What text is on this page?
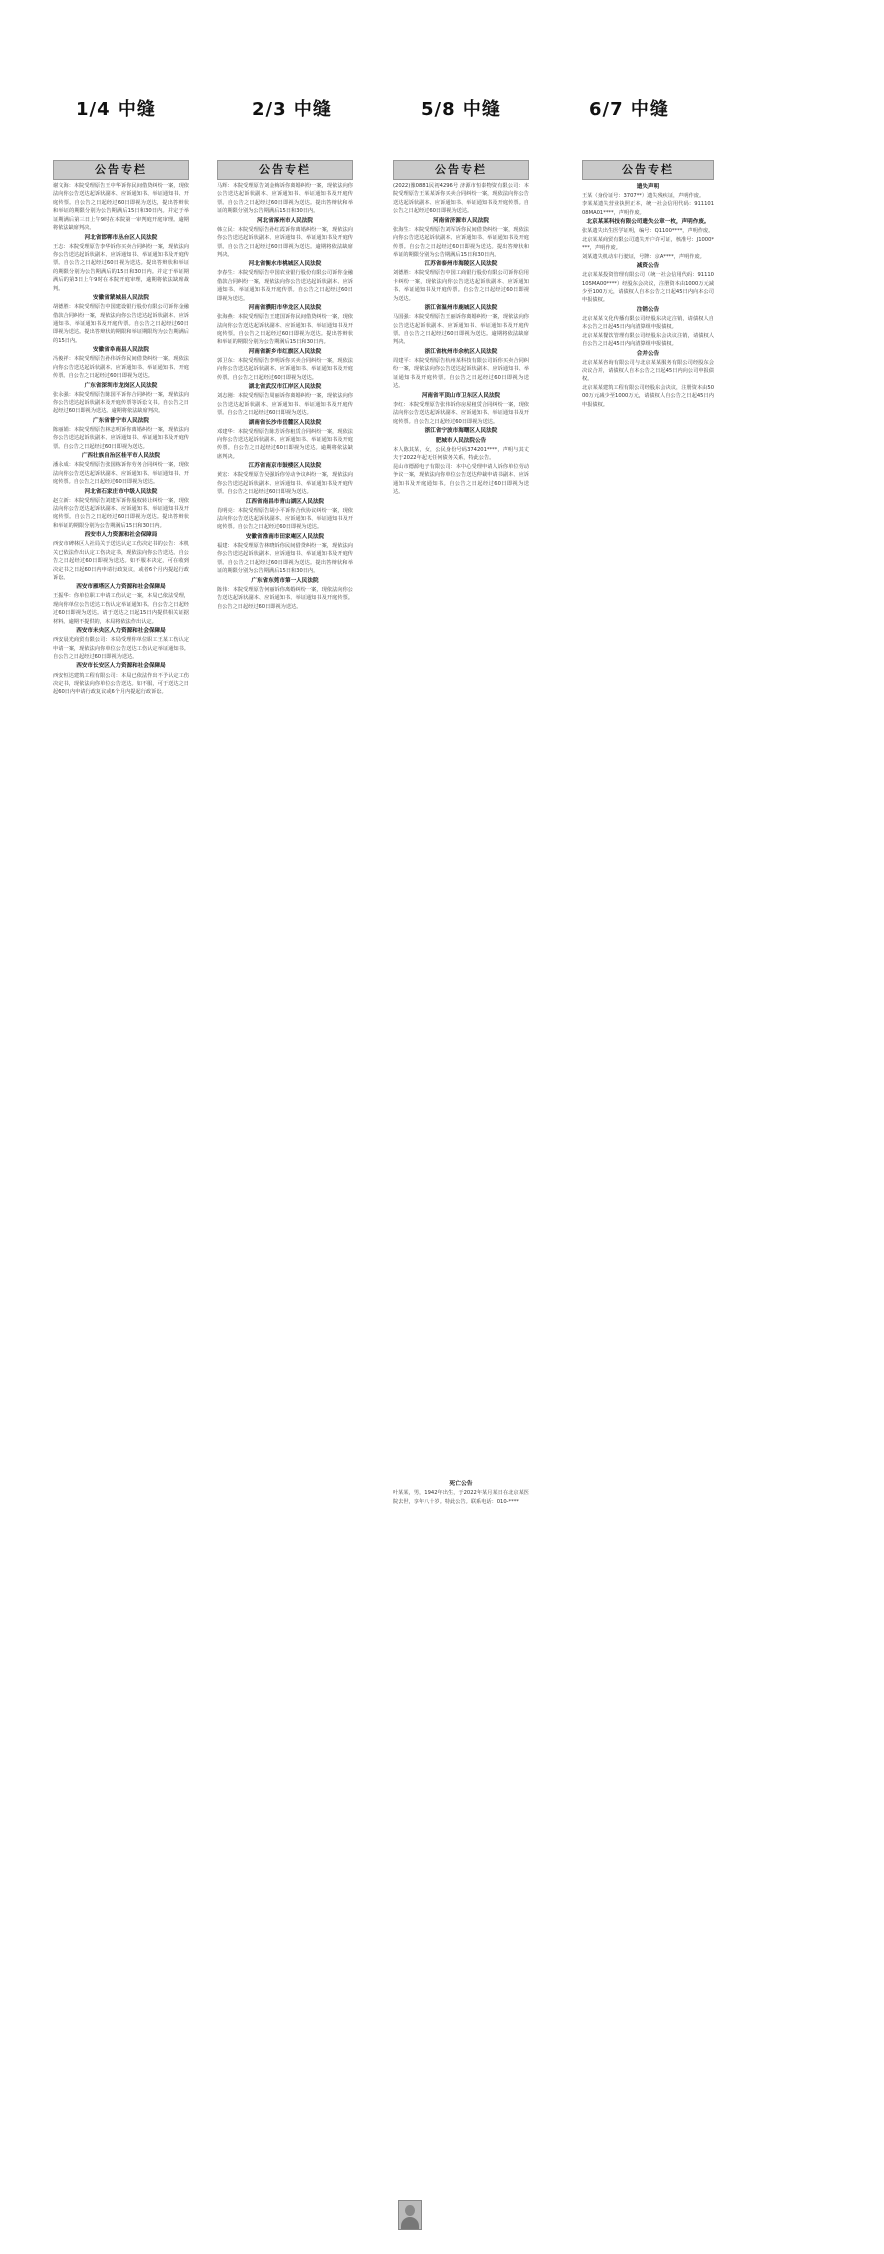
1/4 中缝	2/3 中缝	5/8 中缝	6/7 中缝
公告专栏

谢文海：本院受理原告王中华诉你民间借贷纠纷一案，现依法向你公告送达起诉状副本、应诉通知书、举证通知书、开庭传票。自公告之日起经过60日即视为送达，提出答辩状和举证的期限分别为公告期满后15日和30日内。并定于举证期满后第三日上午9时在本院第一审判庭开庭审理。逾期将依法缺席判决。

河北省邯郸市丛台区人民法院

王志：本院受理原告李华诉你买卖合同纠纷一案，现依法向你公告送达起诉状副本、应诉通知书、举证通知书及开庭传票。自公告之日起经过60日视为送达。提出答辩状和举证的期限分别为公告期满后的15日和30日内。并定于举证期满后的第3日上午9时在本院开庭审理，逾期将依法缺席裁判。

安徽省蒙城县人民法院

胡德胜：本院受理原告中国建设银行股份有限公司诉你金融借款合同纠纷一案，现依法向你公告送达起诉状副本、应诉通知书、举证通知书及开庭传票。自公告之日起经过60日即视为送达。提出答辩状的期限和举证期限均为公告期满后的15日内。

安徽省阜南县人民法院

冯俊祥：本院受理原告孙伟诉你民间借贷纠纷一案，现依法向你公告送达起诉状副本、应诉通知书、举证通知书、开庭传票。自公告之日起经过60日即视为送达。

广东省深圳市龙岗区人民法院

张永强：本院受理原告陈国平诉你合同纠纷一案，现依法向你公告送达起诉状副本及开庭传票等诉讼文书。自公告之日起经过60日即视为送达。逾期将依法缺席判决。

广东省普宁市人民法院

陈丽娟：本院受理原告林志明诉你离婚纠纷一案，现依法向你公告送达起诉状副本、应诉通知书、举证通知书及开庭传票。自公告之日起经过60日即视为送达。

广西壮族自治区桂平市人民法院

潘永成：本院受理原告张国栋诉你劳务合同纠纷一案，现依法向你公告送达起诉状副本、应诉通知书、举证通知书、开庭传票。自公告之日起经过60日即视为送达。

河北省石家庄市中级人民法院

赵立新：本院受理原告刘建军诉你股权转让纠纷一案，现依法向你公告送达起诉状副本、应诉通知书、举证通知书及开庭传票。自公告之日起经过60日即视为送达。提出答辩状和举证的期限分别为公告期满后15日和30日内。

西安市人力资源和社会保障局

西安市碑林区人社局关于送达认定工伤决定书的公告：本机关已依法作出认定工伤决定书，现依法向你公告送达。自公告之日起经过60日即视为送达。如不服本决定，可在收到决定书之日起60日内申请行政复议，或者6个月内提起行政诉讼。

西安市雁塔区人力资源和社会保障局

王振华：你单位职工申请工伤认定一案，本局已依法受理，现向你单位公告送达工伤认定举证通知书。自公告之日起经过60日即视为送达。请于送达之日起15日内提供相关证据材料。逾期不提供的，本局将依法作出认定。

西安市未央区人力资源和社会保障局

西安晨光商贸有限公司：本局受理你单位职工王某工伤认定申请一案，现依法向你单位公告送达工伤认定举证通知书。自公告之日起经过60日即视为送达。

西安市长安区人力资源和社会保障局

西安恒达建筑工程有限公司：本局已依法作出不予认定工伤决定书，现依法向你单位公告送达。如不服，可于送达之日起60日内申请行政复议或6个月内提起行政诉讼。

公告专栏

马辉：本院受理原告刘金梅诉你离婚纠纷一案，现依法向你公告送达起诉状副本、应诉通知书、举证通知书及开庭传票。自公告之日起经过60日即视为送达。提出答辩状和举证的期限分别为公告期满后15日和30日内。

河北省涿州市人民法院

韩立民：本院受理原告孙红霞诉你离婚纠纷一案，现依法向你公告送达起诉状副本、应诉通知书、举证通知书及开庭传票。自公告之日起经过60日即视为送达。逾期将依法缺席判决。

河北省衡水市桃城区人民法院

李春生：本院受理原告中国农业银行股份有限公司诉你金融借款合同纠纷一案，现依法向你公告送达起诉状副本、应诉通知书、举证通知书及开庭传票。自公告之日起经过60日即视为送达。

河南省濮阳市华龙区人民法院

张海燕：本院受理原告王建国诉你民间借贷纠纷一案，现依法向你公告送达起诉状副本、应诉通知书、举证通知书及开庭传票。自公告之日起经过60日即视为送达。提出答辩状和举证的期限分别为公告期满后15日和30日内。

河南省新乡市红旗区人民法院

郭卫东：本院受理原告李明诉你买卖合同纠纷一案，现依法向你公告送达起诉状副本、应诉通知书、举证通知书及开庭传票。自公告之日起经过60日即视为送达。

湖北省武汉市江岸区人民法院

刘志刚：本院受理原告周丽诉你离婚纠纷一案，现依法向你公告送达起诉状副本、应诉通知书、举证通知书及开庭传票。自公告之日起经过60日即视为送达。

湖南省长沙市岳麓区人民法院

邓建华：本院受理原告陈芳诉你租赁合同纠纷一案，现依法向你公告送达起诉状副本、应诉通知书、举证通知书及开庭传票。自公告之日起经过60日即视为送达。逾期将依法缺席判决。

江苏省南京市鼓楼区人民法院

黄宏：本院受理原告吴强诉你劳动争议纠纷一案，现依法向你公告送达起诉状副本、应诉通知书、举证通知书及开庭传票。自公告之日起经过60日即视为送达。

江西省南昌市青山湖区人民法院

肖明亮：本院受理原告胡小平诉你合伙协议纠纷一案，现依法向你公告送达起诉状副本、应诉通知书、举证通知书及开庭传票。自公告之日起经过60日即视为送达。

安徽省淮南市田家庵区人民法院

福建：本院受理原告林晓诉你民间借贷纠纷一案，现依法向你公告送达起诉状副本、应诉通知书、举证通知书及开庭传票。自公告之日起经过60日即视为送达。提出答辩状和举证的期限分别为公告期满后15日和30日内。

广东省东莞市第一人民法院

陈伟：本院受理原告何丽诉你离婚纠纷一案，现依法向你公告送达起诉状副本、应诉通知书、举证通知书及开庭传票。自公告之日起经过60日即视为送达。

公告专栏

(2022)豫0881民初4296号 济源市恒泰物资有限公司：本院受理原告王某某诉你买卖合同纠纷一案，现依法向你公告送达起诉状副本、应诉通知书、举证通知书及开庭传票。自公告之日起经过60日即视为送达。

河南省济源市人民法院

张海生：本院受理原告刘军诉你民间借贷纠纷一案，现依法向你公告送达起诉状副本、应诉通知书、举证通知书及开庭传票。自公告之日起经过60日即视为送达。提出答辩状和举证的期限分别为公告期满后15日和30日内。

江苏省泰州市海陵区人民法院

刘德胜：本院受理原告中国工商银行股份有限公司诉你信用卡纠纷一案，现依法向你公告送达起诉状副本、应诉通知书、举证通知书及开庭传票。自公告之日起经过60日即视为送达。

浙江省温州市鹿城区人民法院

马国强：本院受理原告王丽诉你离婚纠纷一案，现依法向你公告送达起诉状副本、应诉通知书、举证通知书及开庭传票。自公告之日起经过60日即视为送达。逾期将依法缺席判决。

浙江省杭州市余杭区人民法院

周建平：本院受理原告杭州某科技有限公司诉你买卖合同纠纷一案，现依法向你公告送达起诉状副本、应诉通知书、举证通知书及开庭传票。自公告之日起经过60日即视为送达。

河南省平顶山市卫东区人民法院

李红：本院受理原告张伟诉你房屋租赁合同纠纷一案，现依法向你公告送达起诉状副本、应诉通知书、举证通知书及开庭传票。自公告之日起经过60日即视为送达。

浙江省宁波市海曙区人民法院

肥城市人民法院公告

本人陈其某，女，公民身份号码374201****，声明与其丈夫于2022年起无任何债务关系，特此公告。

昆山市德源电子有限公司：本中心受理申请人诉你单位劳动争议一案，现依法向你单位公告送达仲裁申请书副本、应诉通知书及开庭通知书。自公告之日起经过60日即视为送达。

公告专栏

遗失声明

王某（身份证号：3707**）遗失残疾证，声明作废。

李某某遗失营业执照正本，统一社会信用代码：91110108MA01****，声明作废。

北京某某科技有限公司遗失公章一枚，声明作废。

张某遗失出生医学证明，编号：Q1100****，声明作废。

北京某某商贸有限公司遗失开户许可证，核准号：J1000****，声明作废。

刘某遗失机动车行驶证，号牌：京A****，声明作废。

减资公告

北京某某投资管理有限公司（统一社会信用代码：91110105MA00****）经股东会决议，注册资本由1000万元减少至100万元，请债权人自本公告之日起45日内向本公司申报债权。

注销公告

北京某某文化传播有限公司经股东决定注销，请债权人自本公告之日起45日内向清算组申报债权。

北京某某餐饮管理有限公司经股东会决议注销，请债权人自公告之日起45日内向清算组申报债权。

合并公告

北京某某咨询有限公司与北京某某服务有限公司经股东会决议合并，请债权人自本公告之日起45日内向公司申报债权。

北京某某建筑工程有限公司经股东会决议，注册资本由5000万元减少至1000万元，请债权人自公告之日起45日内申报债权。

死亡公告
叶某某，男，1942年出生，于2022年某月某日在北京某医院去世，享年八十岁。特此公告。联系电话：010-****
